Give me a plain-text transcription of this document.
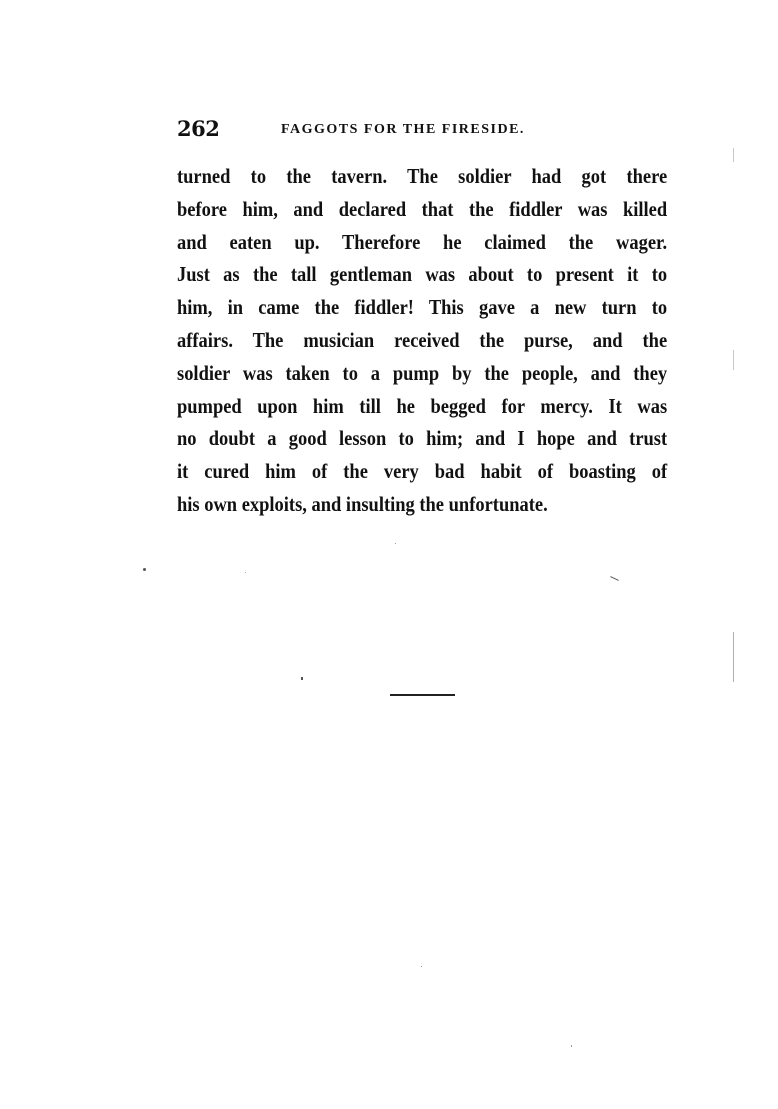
262	FAGGOTS FOR THE FIRESIDE.
turned to the tavern. The soldier had got there
before him, and declared that the fiddler was killed
and eaten up. Therefore he claimed the wager.
Just as the tall gentleman was about to present it to
him, in came the fiddler! This gave a new turn to
affairs. The musician received the purse, and the
soldier was taken to a pump by the people, and they
pumped upon him till he begged for mercy. It was
no doubt a good lesson to him; and I hope and trust
it cured him of the very bad habit of boasting of
his own exploits, and insulting the unfortunate.
